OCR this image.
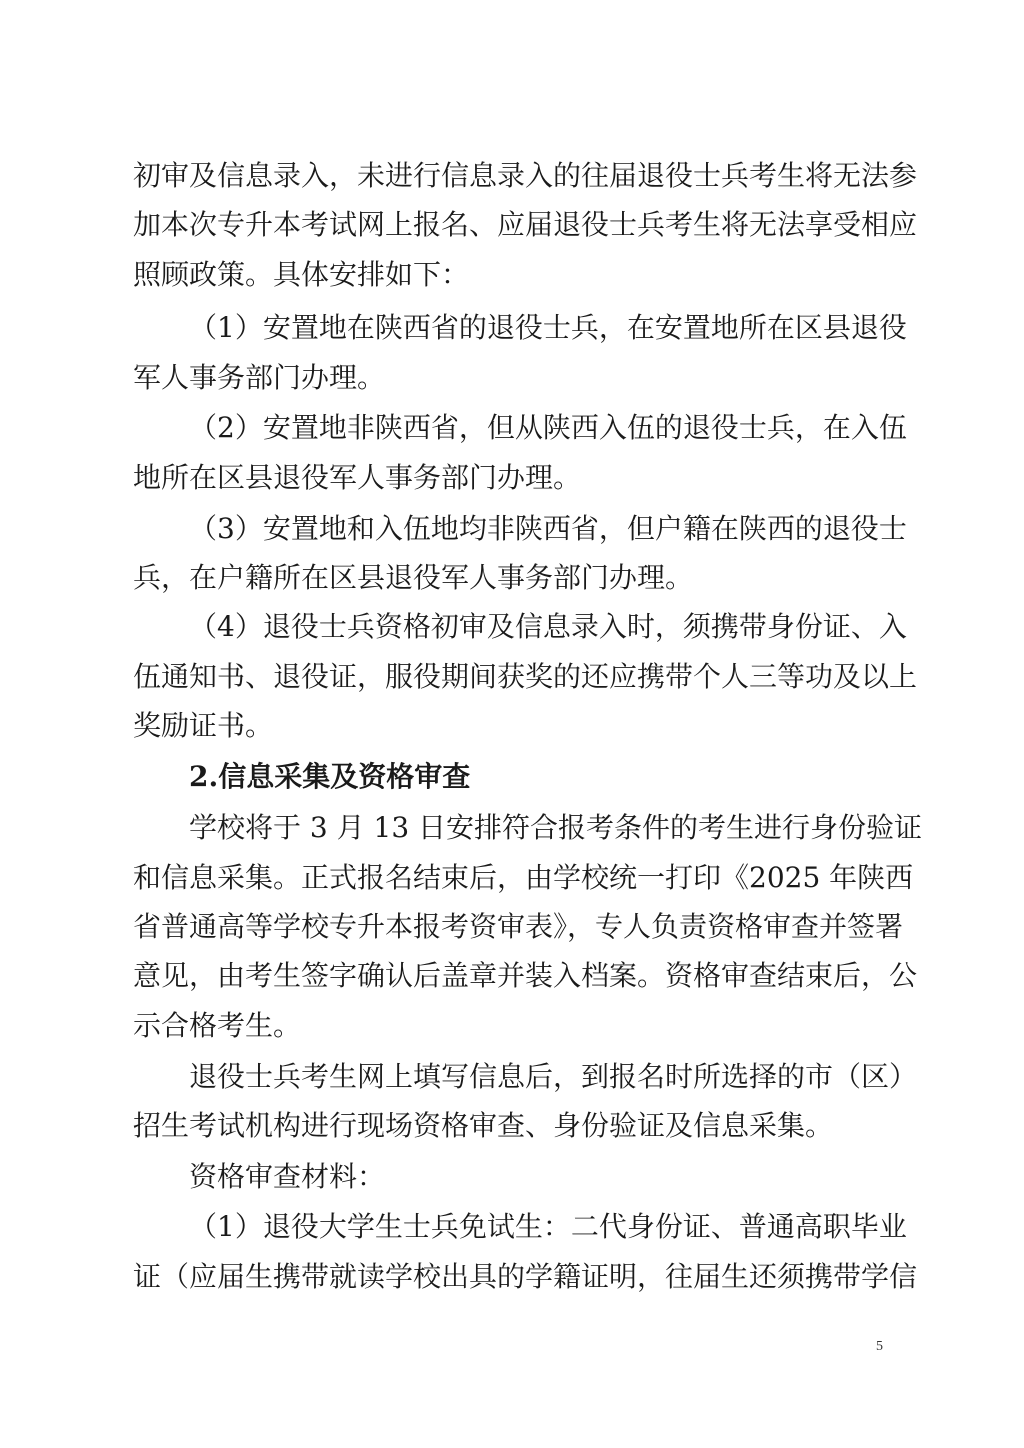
初审及信息录入，未进行信息录入的往届退役士兵考生将无法参
加本次专升本考试网上报名、应届退役士兵考生将无法享受相应
照顾政策。具体安排如下：
（1）安置地在陕西省的退役士兵，在安置地所在区县退役
军人事务部门办理。
（2）安置地非陕西省，但从陕西入伍的退役士兵，在入伍
地所在区县退役军人事务部门办理。
（3）安置地和入伍地均非陕西省，但户籍在陕西的退役士
兵，在户籍所在区县退役军人事务部门办理。
（4）退役士兵资格初审及信息录入时，须携带身份证、入
伍通知书、退役证，服役期间获奖的还应携带个人三等功及以上
奖励证书。
2.信息采集及资格审查
学校将于 3 月 13 日安排符合报考条件的考生进行身份验证
和信息采集。正式报名结束后，由学校统一打印《2025 年陕西
省普通高等学校专升本报考资审表》，专人负责资格审查并签署
意见，由考生签字确认后盖章并装入档案。资格审查结束后，公
示合格考生。
退役士兵考生网上填写信息后，到报名时所选择的市（区）
招生考试机构进行现场资格审查、身份验证及信息采集。
资格审查材料：
（1）退役大学生士兵免试生：二代身份证、普通高职毕业
证（应届生携带就读学校出具的学籍证明，往届生还须携带学信
5
